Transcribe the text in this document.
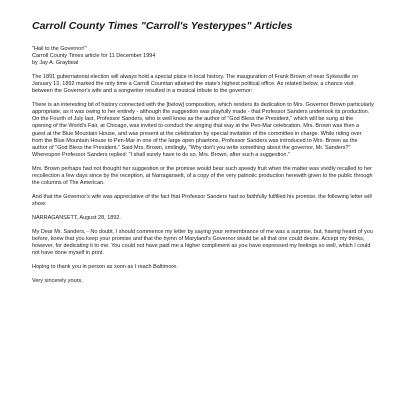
Carroll County Times "Carroll's Yesterypes" Articles

"Hail to the Governor!"

Carroll County Times article for 11 December 1994

by Jay A. Graybeal

The 1891 gubernatorial election will always hold a special place in local history. The inauguration of Frank Brown of near Sykesville on January 13, 1892 marked the only time a Carroll Countian attained the state's highest political office. As related below, a chance visit between the Governor's wife and a songwriter resulted in a musical tribute to the governor:

There is an interesting bit of history connected with the [below] composition, which renders its dedication to Mrs. Governor Brown particularly appropriate, as it was owing to her entirely - although the suggestion was playfully made - that Professor Sanders undertook its production. On the Fourth of July last, Professor Sanders, who is well know as the author of "God Bless the President," which will be sung at the opening of the World's Fair, at Chicago, was invited to conduct the singing that way at the Pen-Mar celebration. Mrs. Brown was then a guest at the Blue Mountain House, and was present at the celebration by special invitation of the committee in charge. While riding over from the Blue Mountain House to Pen-Mar in one of the large open phaetons, Professor Sanders was introduced to Mrs. Brown as the author of "God Bless the President." Said Mrs. Brown, smilingly, "Why don't you write something about the governor, Mr. Sanders?" Whereupon Professor Sanders replied: "I shall surely have to do so, Mrs. Brown, after such a suggestion."

Mrs. Brown perhaps had not thought her suggestion or the promise would bear such speedy fruit when the matter was vividly recalled to her recollection a few days since by the reception, at Narragansett, of a copy of the very patriotic production herewith given to the public through the columns of The American.

And that the Governor's wife was appreciative of the fact that Professor Sanders had so faithfully fulfilled his promise, the following letter will show:

NARRAGANSETT, August 28, 1892.

My Dear Mr. Sanders, - No doubt, I should commence my letter by saying your remembrance of me was a surprise, but, having heard of you before, knew that you keep your promise and that the hymn of Maryland's Governor would be all that one could desire. Accept my thinks, however, for dedicating it to me. You could not have paid me a higher compliment as you have expressed my feelings so well, which I could not have done myself in print.

Hoping to thank you in person as soon as I reach Baltimore.

Very sincerely yours,
